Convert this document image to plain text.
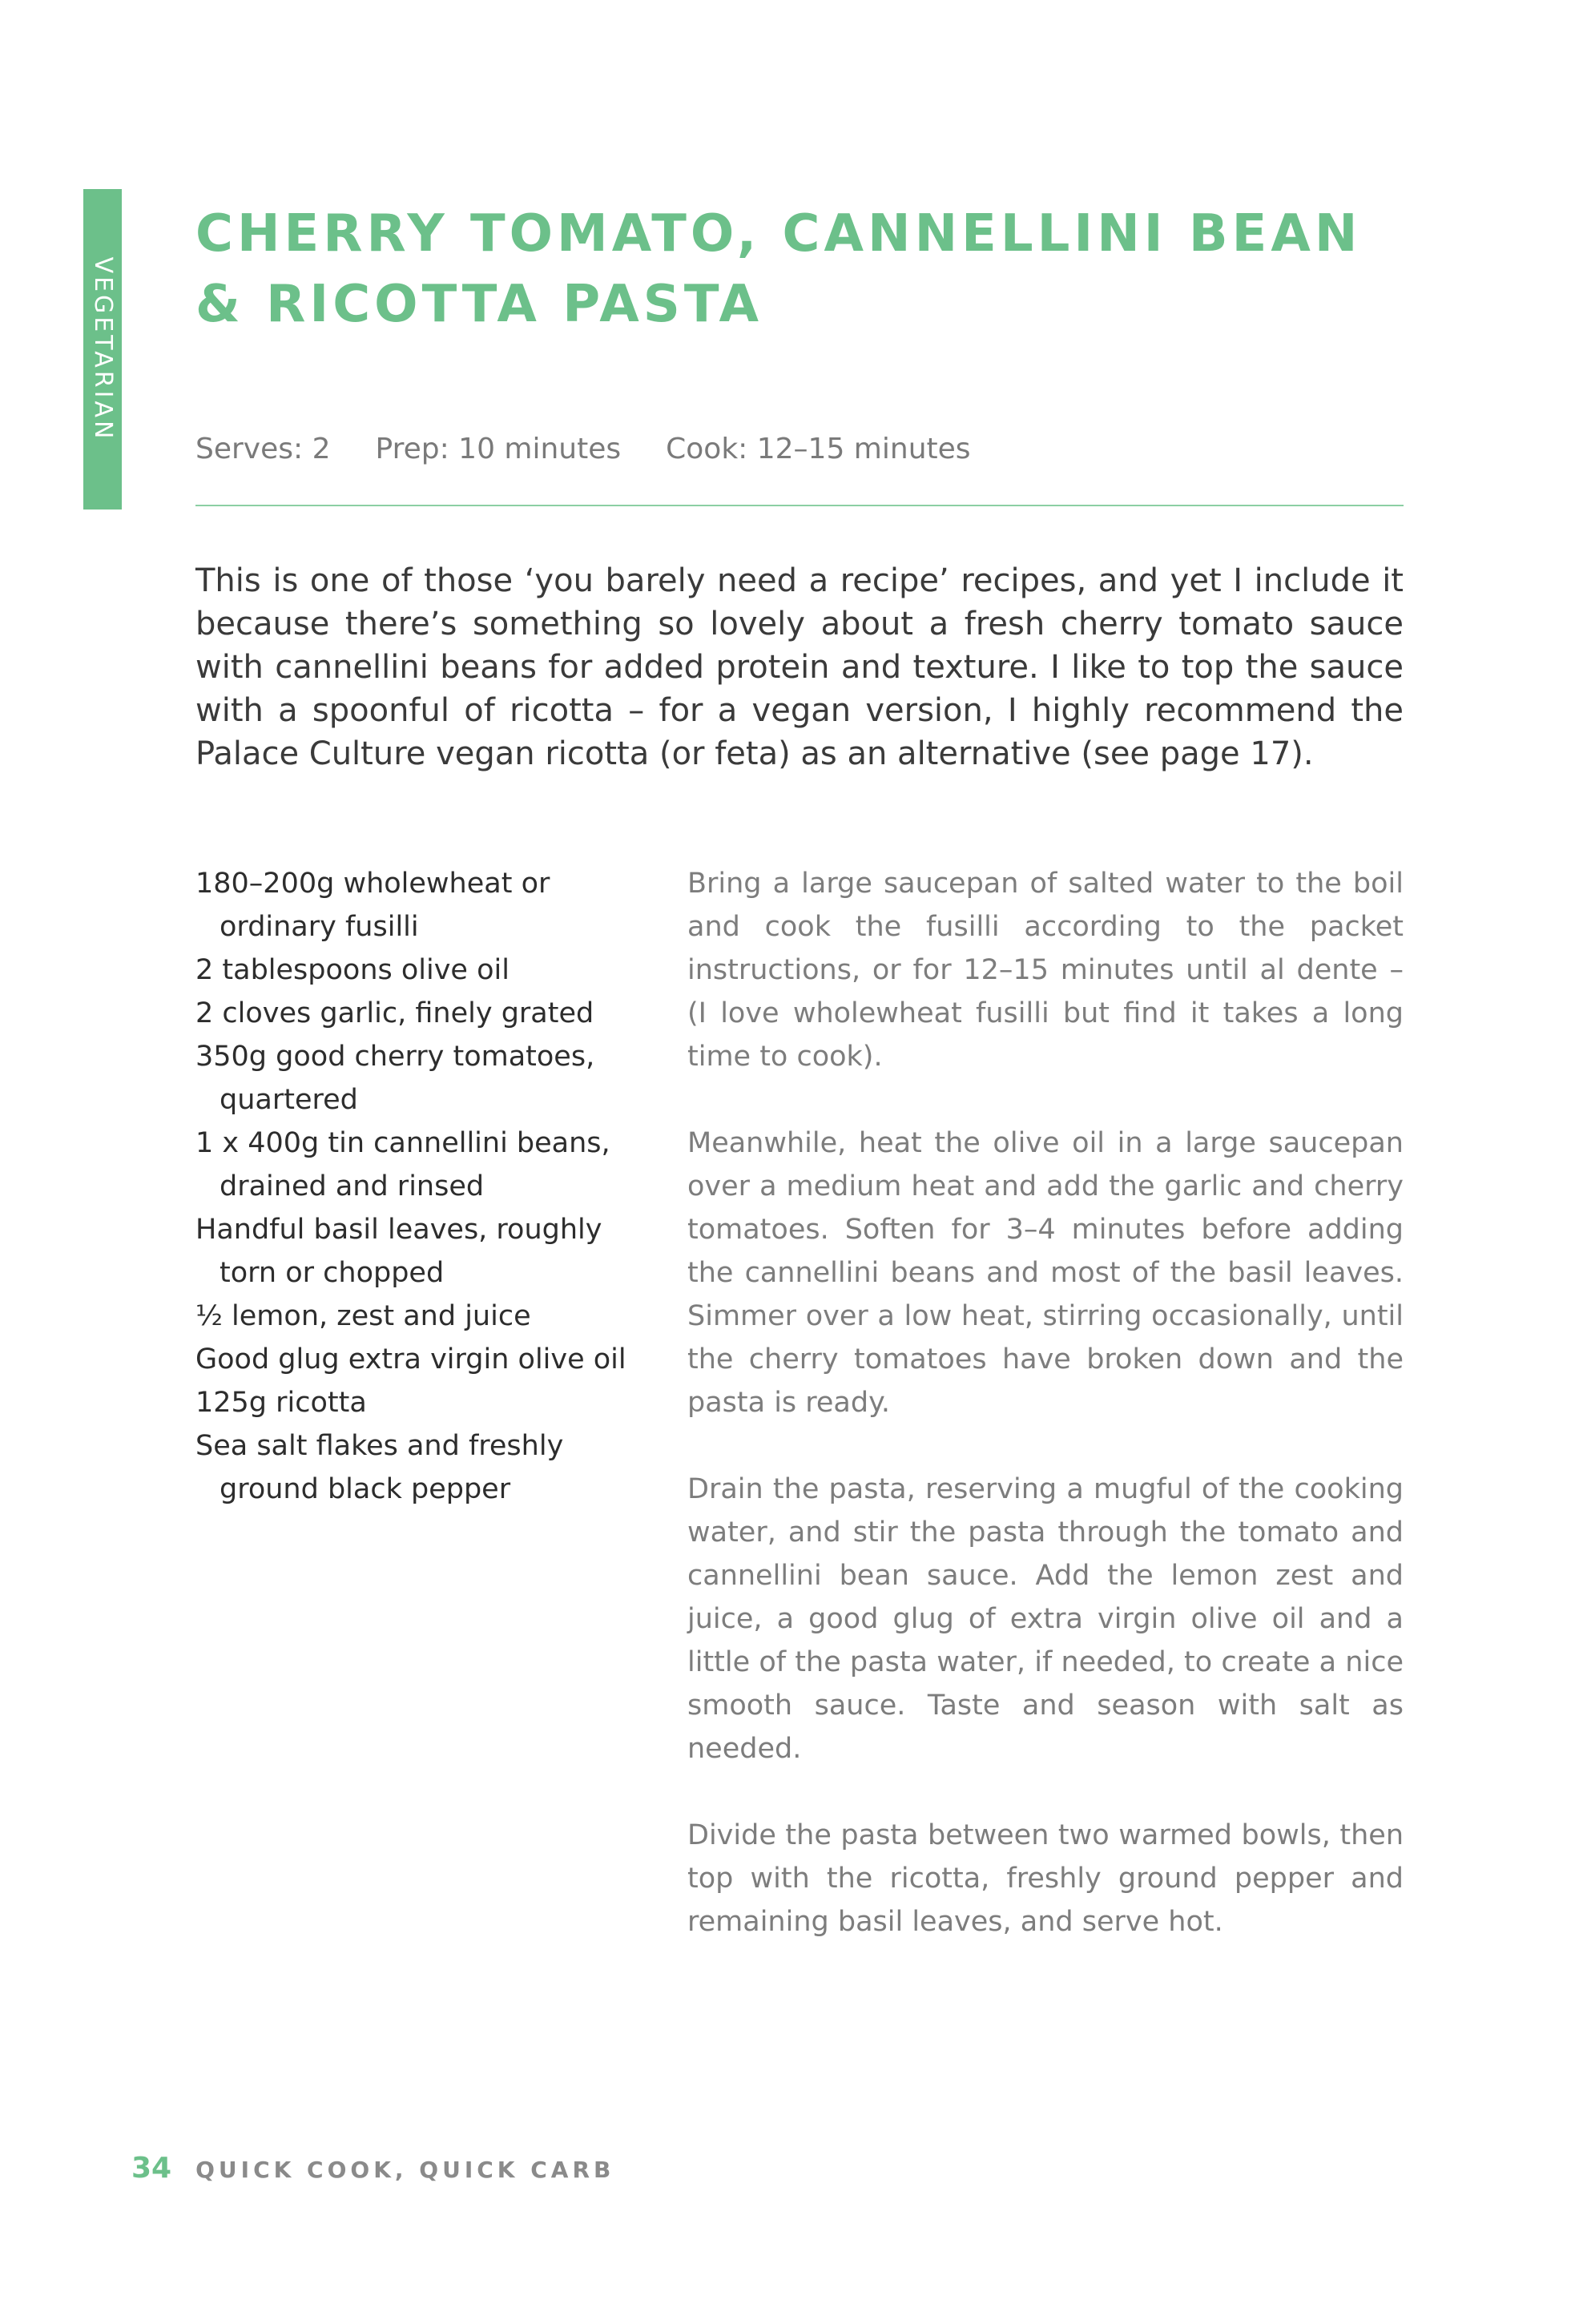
VEGETARIAN
CHERRY TOMATO, CANNELLINI BEAN & RICOTTA PASTA
Serves: 2 Prep: 10 minutes Cook: 12–15 minutes

This is one of those ‘you barely need a recipe’ recipes, and yet I include it because there’s something so lovely about a fresh cherry tomato sauce with cannellini beans for added protein and texture. I like to top the sauce with a spoonful of ricotta – for a vegan version, I highly recommend the Palace Culture vegan ricotta (or feta) as an alternative (see page 17).

180–200g wholewheat or ordinary fusilli
2 tablespoons olive oil
2 cloves garlic, finely grated
350g good cherry tomatoes, quartered
1 x 400g tin cannellini beans, drained and rinsed
Handful basil leaves, roughly torn or chopped
½ lemon, zest and juice
Good glug extra virgin olive oil
125g ricotta
Sea salt flakes and freshly ground black pepper

Bring a large saucepan of salted water to the boil and cook the fusilli according to the packet instructions, or for 12–15 minutes until al dente – (I love wholewheat fusilli but find it takes a long time to cook).

Meanwhile, heat the olive oil in a large saucepan over a medium heat and add the garlic and cherry tomatoes. Soften for 3–4 minutes before adding the cannellini beans and most of the basil leaves. Simmer over a low heat, stirring occasionally, until the cherry tomatoes have broken down and the pasta is ready.

Drain the pasta, reserving a mugful of the cooking water, and stir the pasta through the tomato and cannellini bean sauce. Add the lemon zest and juice, a good glug of extra virgin olive oil and a little of the pasta water, if needed, to create a nice smooth sauce. Taste and season with salt as needed.

Divide the pasta between two warmed bowls, then top with the ricotta, freshly ground pepper and remaining basil leaves, and serve hot.

34 QUICK COOK, QUICK CARB
